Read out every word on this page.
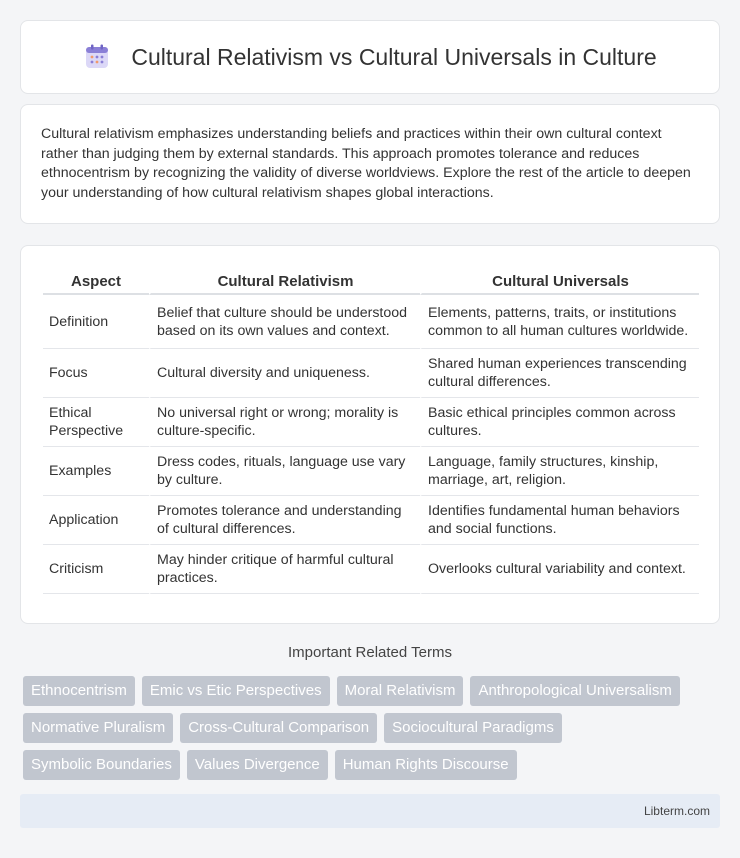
Cultural Relativism vs Cultural Universals in Culture

Cultural relativism emphasizes understanding beliefs and practices within their own cultural context rather than judging them by external standards. This approach promotes tolerance and reduces ethnocentrism by recognizing the validity of diverse worldviews. Explore the rest of the article to deepen your understanding of how cultural relativism shapes global interactions.

Aspect	Cultural Relativism	Cultural Universals
Definition	Belief that culture should be understood based on its own values and context.	Elements, patterns, traits, or institutions common to all human cultures worldwide.
Focus	Cultural diversity and uniqueness.	Shared human experiences transcending cultural differences.
Ethical Perspective	No universal right or wrong; morality is culture-specific.	Basic ethical principles common across cultures.
Examples	Dress codes, rituals, language use vary by culture.	Language, family structures, kinship, marriage, art, religion.
Application	Promotes tolerance and understanding of cultural differences.	Identifies fundamental human behaviors and social functions.
Criticism	May hinder critique of harmful cultural practices.	Overlooks cultural variability and context.
Important Related Terms
Ethnocentrism	Emic vs Etic Perspectives	Moral Relativism	Anthropological Universalism
Normative Pluralism	Cross-Cultural Comparison	Sociocultural Paradigms
Symbolic Boundaries	Values Divergence	Human Rights Discourse
Libterm.com
